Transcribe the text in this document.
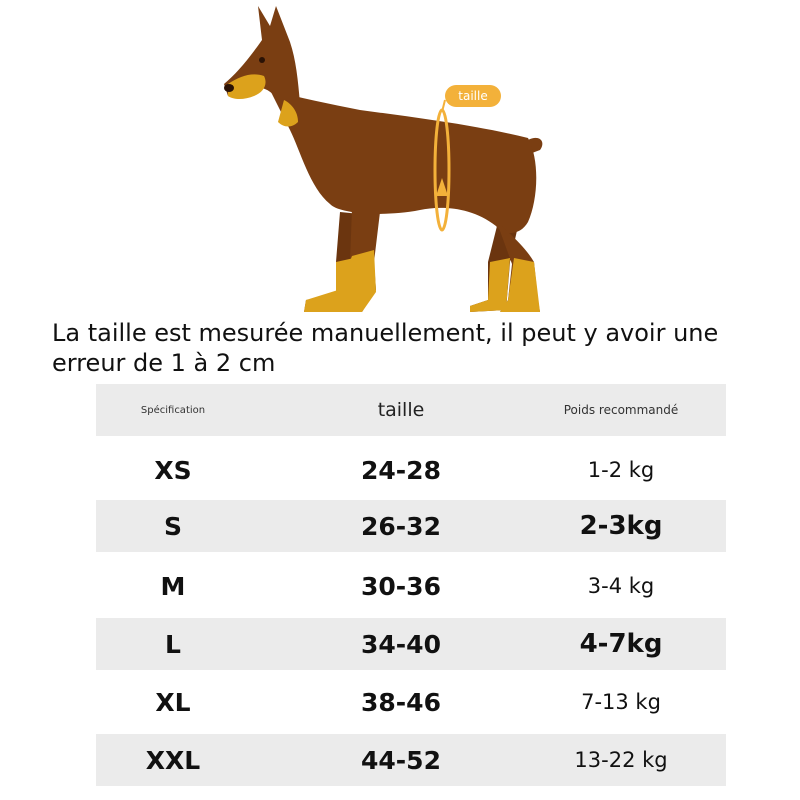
taille
La taille est mesurée manuellement, il peut y avoir une erreur de 1 à 2 cm
Spécification	taille	Poids recommandé
XS	24-28	1-2 kg
S	26-32	2-3kg
M	30-36	3-4 kg
L	34-40	4-7kg
XL	38-46	7-13 kg
XXL	44-52	13-22 kg
